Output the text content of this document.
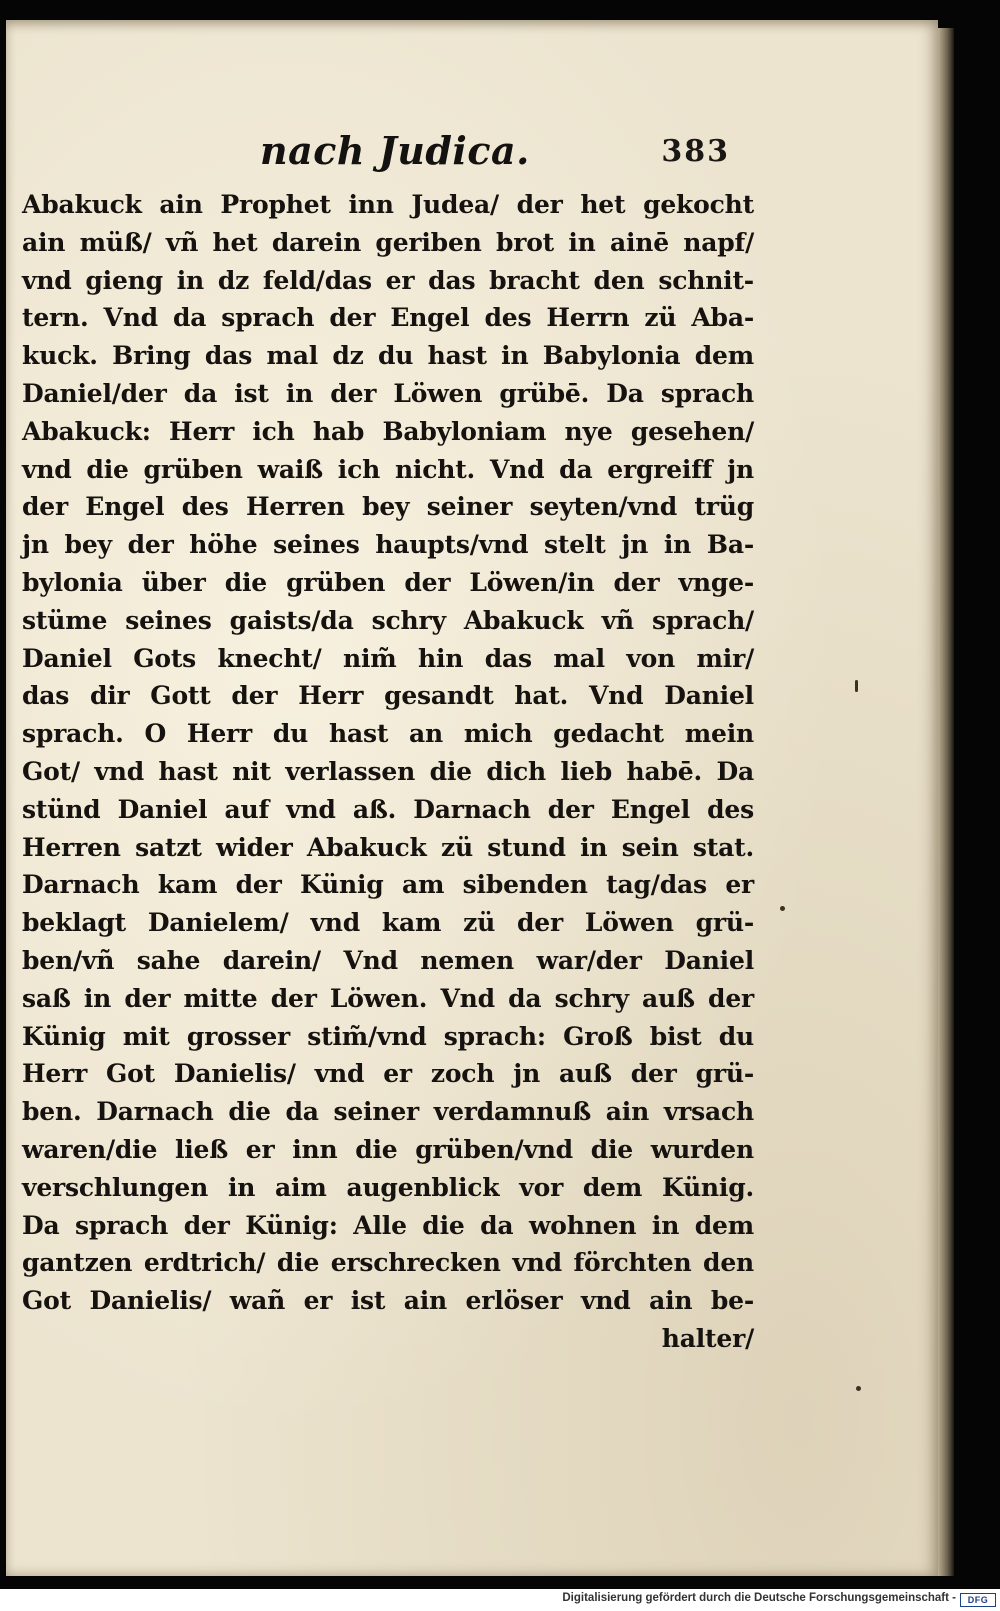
nach Judica.	383
Abakuck ain Prophet inn Judea/ der het gekocht
ain müß/ vñ het darein geriben brot in ainē napf/
vnd gieng in dz feld/das er das bracht den schnit-
tern. Vnd da sprach der Engel des Herrn zü Aba-
kuck. Bring das mal dz du hast in Babylonia dem
Daniel/der da ist in der Löwen grübē. Da sprach
Abakuck: Herr ich hab Babyloniam nye gesehen/
vnd die grüben waiß ich nicht. Vnd da ergreiff jn
der Engel des Herren bey seiner seyten/vnd trüg
jn bey der höhe seines haupts/vnd stelt jn in Ba-
bylonia über die grüben der Löwen/in der vnge-
stüme seines gaists/da schry Abakuck vñ sprach/
Daniel Gots knecht/ nim̃ hin das mal von mir/
das dir Gott der Herr gesandt hat. Vnd Daniel
sprach. O Herr du hast an mich gedacht mein
Got/ vnd hast nit verlassen die dich lieb habē. Da
stünd Daniel auf vnd aß. Darnach der Engel des
Herren satzt wider Abakuck zü stund in sein stat.
Darnach kam der Künig am sibenden tag/das er
beklagt Danielem/ vnd kam zü der Löwen grü-
ben/vñ sahe darein/ Vnd nemen war/der Daniel
saß in der mitte der Löwen. Vnd da schry auß der
Künig mit grosser stim̃/vnd sprach: Groß bist du
Herr Got Danielis/ vnd er zoch jn auß der grü-
ben. Darnach die da seiner verdamnuß ain vrsach
waren/die ließ er inn die grüben/vnd die wurden
verschlungen in aim augenblick vor dem Künig.
Da sprach der Künig: Alle die da wohnen in dem
gantzen erdtrich/ die erschrecken vnd förchten den
Got Danielis/ wañ er ist ain erlöser vnd ain be-
halter/
Digitalisierung gefördert durch die Deutsche Forschungsgemeinschaft -	DFG
